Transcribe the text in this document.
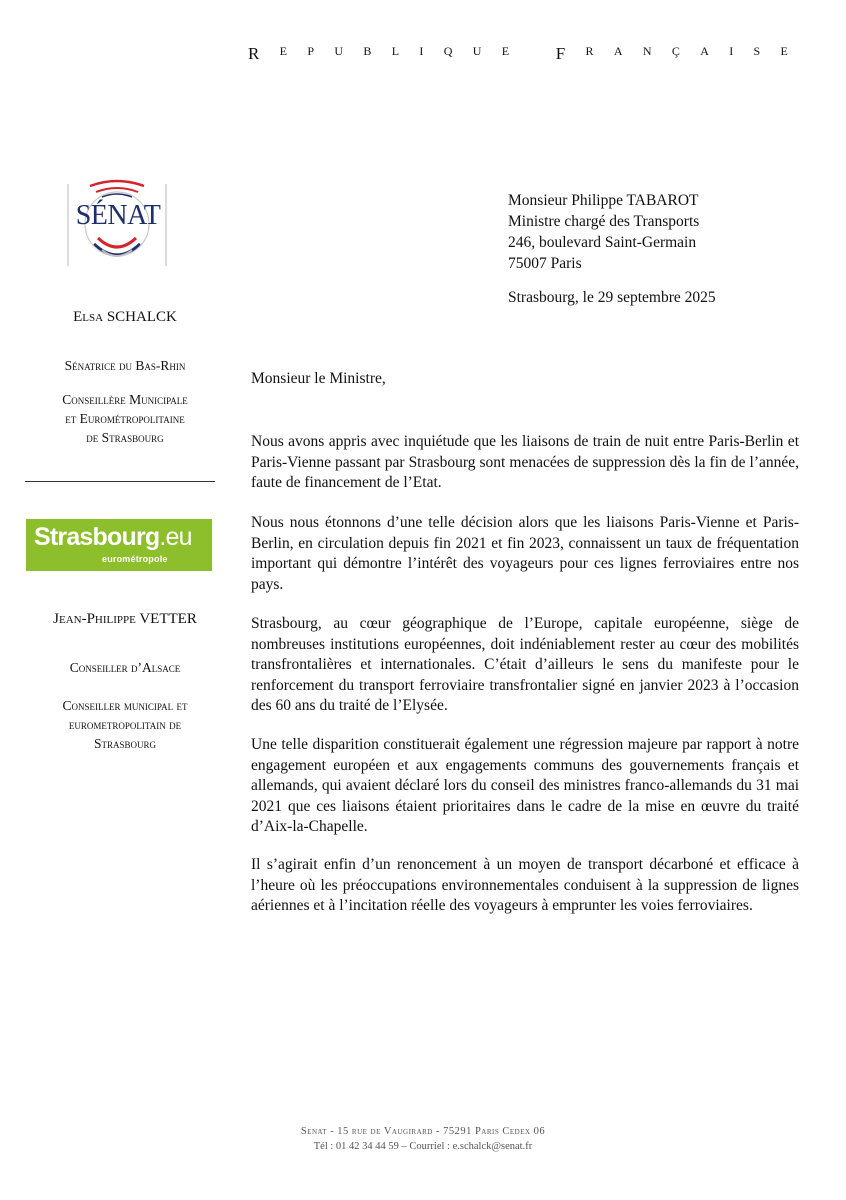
R E P U B L I Q U E
	F R A N Ç A I S E
SÉNAT
Elsa SCHALCK
Sénatrice du Bas-Rhin
Conseillère Municipale
et Eurométropolitaine
de Strasbourg
Strasbourg.eu
eurométropole
Jean-Philippe VETTER
Conseiller d’Alsace
Conseiller municipal et
eurometropolitain de
Strasbourg
Monsieur Philippe TABAROT
Ministre chargé des Transports
246, boulevard Saint-Germain
75007 Paris
Strasbourg, le 29 septembre 2025
Monsieur le Ministre,
Nous avons appris avec inquiétude que les liaisons de train de nuit entre Paris-Berlin et Paris-Vienne passant par Strasbourg sont menacées de suppression dès la fin de l’année, faute de financement de l’Etat.
Nous nous étonnons d’une telle décision alors que les liaisons Paris-Vienne et Paris-Berlin, en circulation depuis fin 2021 et fin 2023, connaissent un taux de fréquentation important qui démontre l’intérêt des voyageurs pour ces lignes ferroviaires entre nos pays.
Strasbourg, au cœur géographique de l’Europe, capitale européenne, siège de nombreuses institutions européennes, doit indéniablement rester au cœur des mobilités transfrontalières et internationales. C’était d’ailleurs le sens du manifeste pour le renforcement du transport ferroviaire transfrontalier signé en janvier 2023 à l’occasion des 60 ans du traité de l’Elysée.
Une telle disparition constituerait également une régression majeure par rapport à notre engagement européen et aux engagements communs des gouvernements français et allemands, qui avaient déclaré lors du conseil des ministres franco-allemands du 31 mai 2021 que ces liaisons étaient prioritaires dans le cadre de la mise en œuvre du traité d’Aix-la-Chapelle.
Il s’agirait enfin d’un renoncement à un moyen de transport décarboné et efficace à l’heure où les préoccupations environnementales conduisent à la suppression de lignes aériennes et à l’incitation réelle des voyageurs à emprunter les voies ferroviaires.
Senat - 15 rue de Vaugirard - 75291 Paris Cedex 06
Tél : 01 42 34 44 59 – Courriel : e.schalck@senat.fr
